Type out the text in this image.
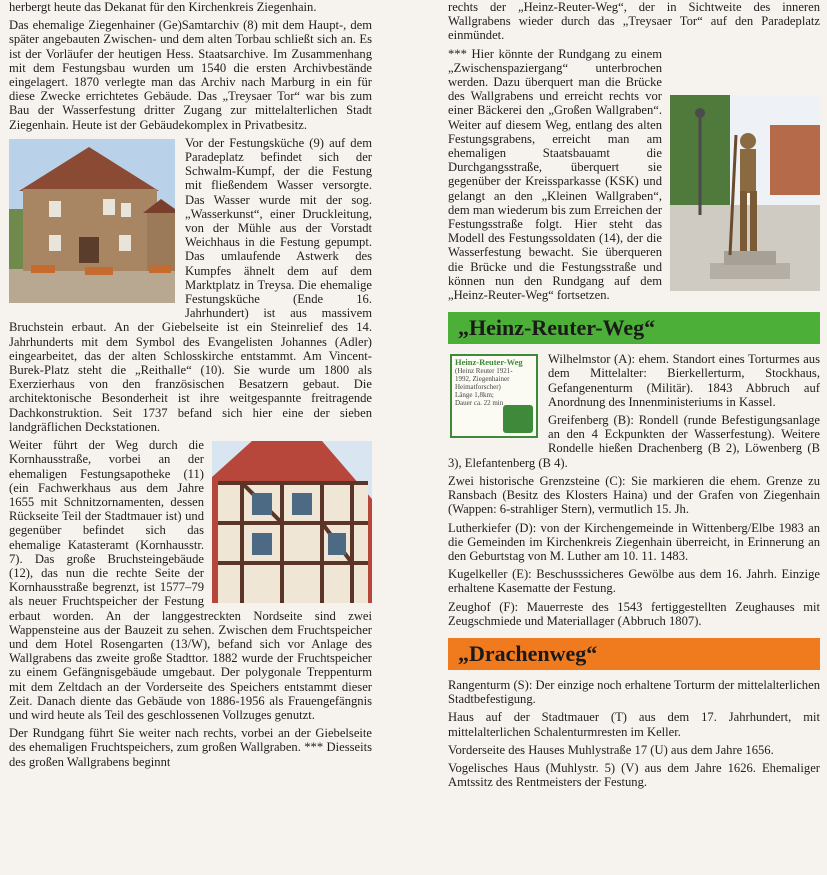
herbergt heute das Dekanat für den Kirchenkreis Ziegenhain.

Das ehemalige Ziegenhainer (Ge)Samtarchiv (8) mit dem Haupt-, dem später angebauten Zwischen- und dem alten Torbau schließt sich an. Es ist der Vorläufer der heutigen Hess. Staatsarchive. Im Zusammenhang mit dem Festungsbau wurden um 1540 die ersten Archivbestände eingelagert. 1870 verlegte man das Archiv nach Marburg in ein für diese Zwecke errichtetes Gebäude. Das „Treysaer Tor“ war bis zum Bau der Wasserfestung dritter Zugang zur mittelalterlichen Stadt Ziegenhain. Heute ist der Gebäudekomplex in Privatbesitz.

Vor der Festungsküche (9) auf dem Paradeplatz befindet sich der Schwalm-Kumpf, der die Festung mit fließendem Wasser versorgte. Das Wasser wurde mit der sog. „Wasserkunst“, einer Druckleitung, von der Mühle aus der Vorstadt Weichhaus in die Festung gepumpt. Das umlaufende Astwerk des Kumpfes ähnelt dem auf dem Marktplatz in Treysa. Die ehemalige Festungsküche (Ende 16. Jahrhundert) ist aus massivem Bruchstein erbaut. An der Giebelseite ist ein Steinrelief des 14. Jahrhunderts mit dem Symbol des Evangelisten Johannes (Adler) eingearbeitet, das der alten Schlosskirche entstammt. Am Vincent-Burek-Platz steht die „Reithalle“ (10). Sie wurde um 1800 als Exerzierhaus von den französischen Besatzern gebaut. Die architektonische Besonderheit ist ihre weitgespannte freitragende Dachkonstruktion. Seit 1737 befand sich hier eine der sieben landgräflichen Deckstationen.

Weiter führt der Weg durch die Kornhausstraße, vorbei an der ehemaligen Festungsapotheke (11) (ein Fachwerkhaus aus dem Jahre 1655 mit Schnitzornamenten, dessen Rückseite Teil der Stadtmauer ist) und gegenüber befindet sich das ehemalige Katasteramt (Kornhausstr. 7). Das große Bruchsteingebäude (12), das nun die rechte Seite der Kornhausstraße begrenzt, ist 1577–79 als neuer Fruchtspeicher der Festung erbaut worden. An der langgestreckten Nordseite sind zwei Wappensteine aus der Bauzeit zu sehen. Zwischen dem Fruchtspeicher und dem Hotel Rosengarten (13/W), befand sich vor Anlage des Wallgrabens das zweite große Stadttor. 1882 wurde der Fruchtspeicher zu einem Gefängnisgebäude umgebaut. Der polygonale Treppenturm mit dem Zeltdach an der Vorderseite des Speichers entstammt dieser Zeit. Danach diente das Gebäude von 1886-1956 als Frauengefängnis und wird heute als Teil des geschlossenen Vollzuges genutzt.

Der Rundgang führt Sie weiter nach rechts, vorbei an der Giebelseite des ehemaligen Fruchtspeichers, zum großen Wallgraben. *** Diesseits des großen Wallgrabens beginnt

rechts der „Heinz-Reuter-Weg“, der in Sichtweite des inneren Wallgrabens wieder durch das „Treysaer Tor“ auf den Paradeplatz einmündet.

*** Hier könnte der Rundgang zu einem „Zwischenspaziergang“ unterbrochen werden. Dazu überquert man die Brücke des Wallgrabens und erreicht rechts vor einer Bäckerei den „Großen Wallgraben“. Weiter auf diesem Weg, entlang des alten Festungsgrabens, erreicht man am ehemaligen Staatsbauamt die Durchgangsstraße, überquert sie gegenüber der Kreissparkasse (KSK) und gelangt an den „Kleinen Wallgraben“, dem man wiederum bis zum Erreichen der Festungsstraße folgt. Hier steht das Modell des Festungssoldaten (14), der die Wasserfestung bewacht. Sie überqueren die Brücke und die Festungsstraße und können nun den Rundgang auf dem „Heinz-Reuter-Weg“ fortsetzen.

„Heinz-Reuter-Weg“
Heinz-Reuter-Weg
(Heinz Reuter 1921-
1992, Ziegenhainer
Heimatforscher)
Länge 1,8km;
Dauer ca. 22 min

Wilhelmstor (A): ehem. Standort eines Torturmes aus dem Mittelalter: Bierkellerturm, Stockhaus, Gefangenenturm (Militär). 1843 Abbruch auf Anordnung des Innenministeriums in Kassel.

Greifenberg (B): Rondell (runde Befestigungsanlage an den 4 Eckpunkten der Wasserfestung). Weitere Rondelle hießen Drachenberg (B 2), Löwenberg (B 3), Elefantenberg (B 4).

Zwei historische Grenzsteine (C): Sie markieren die ehem. Grenze zu Ransbach (Besitz des Klosters Haina) und der Grafen von Ziegenhain (Wappen: 6-strahliger Stern), vermutlich 15. Jh.

Lutherkiefer (D): von der Kirchengemeinde in Wittenberg/Elbe 1983 an die Gemeinden im Kirchenkreis Ziegenhain überreicht, in Erinnerung an den Geburtstag von M. Luther am 10. 11. 1483.

Kugelkeller (E): Beschusssicheres Gewölbe aus dem 16. Jahrh. Einzige erhaltene Kasematte der Festung.

Zeughof (F): Mauerreste des 1543 fertiggestellten Zeughauses mit Zeugschmiede und Materiallager (Abbruch 1807).

„Drachenweg“

Rangenturm (S): Der einzige noch erhaltene Torturm der mittelalterlichen Stadtbefestigung.

Haus auf der Stadtmauer (T) aus dem 17. Jahrhundert, mit mittelalterlichen Schalenturmresten im Keller.

Vorderseite des Hauses Muhlystraße 17 (U) aus dem Jahre 1656.

Vogelisches Haus (Muhlystr. 5) (V) aus dem Jahre 1626. Ehemaliger Amtssitz des Rentmeisters der Festung.
